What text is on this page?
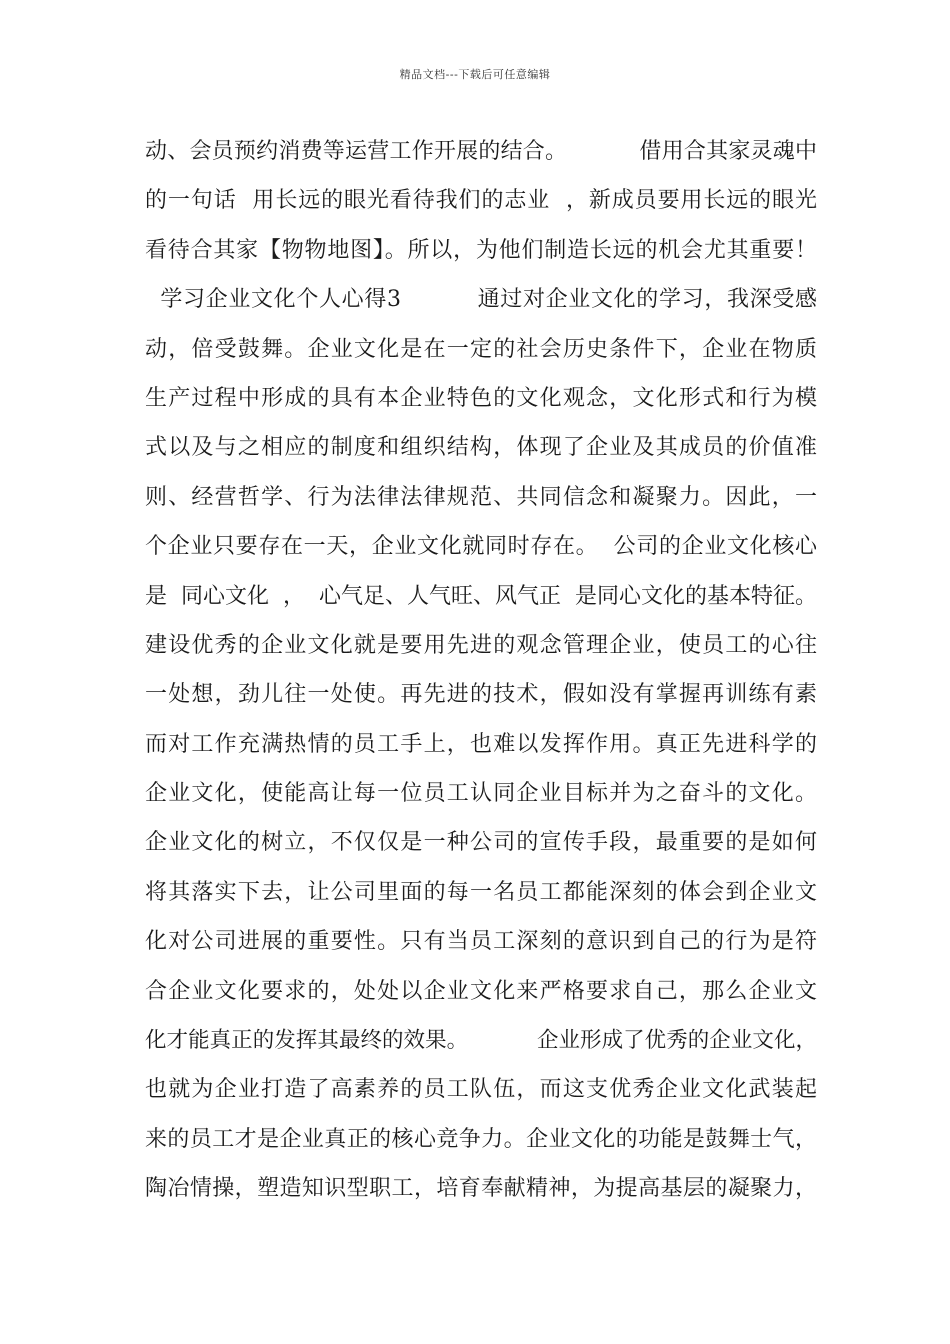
精品文档---下载后可任意编辑
动、会员预约消费等运营工作开展的结合。          借用合其家灵魂中
的一句话  用长远的眼光看待我们的志业  ，新成员要用长远的眼光
看待合其家【物物地图】。所以，为他们制造长远的机会尤其重要！
学习企业文化个人心得3          通过对企业文化的学习，我深受感
动，倍受鼓舞。企业文化是在一定的社会历史条件下，企业在物质
生产过程中形成的具有本企业特色的文化观念，文化形式和行为模
式以及与之相应的制度和组织结构，体现了企业及其成员的价值准
则、经营哲学、行为法律法律规范、共同信念和凝聚力。因此，一
个企业只要存在一天，企业文化就同时存在。  公司的企业文化核心
是  同心文化  ，  心气足、人气旺、风气正  是同心文化的基本特征。
建设优秀的企业文化就是要用先进的观念管理企业，使员工的心往
一处想，劲儿往一处使。再先进的技术，假如没有掌握再训练有素
而对工作充满热情的员工手上，也难以发挥作用。真正先进科学的
企业文化，使能高让每一位员工认同企业目标并为之奋斗的文化。
企业文化的树立，不仅仅是一种公司的宣传手段，最重要的是如何
将其落实下去，让公司里面的每一名员工都能深刻的体会到企业文
化对公司进展的重要性。只有当员工深刻的意识到自己的行为是符
合企业文化要求的，处处以企业文化来严格要求自己，那么企业文
化才能真正的发挥其最终的效果。          企业形成了优秀的企业文化，
也就为企业打造了高素养的员工队伍，而这支优秀企业文化武装起
来的员工才是企业真正的核心竞争力。企业文化的功能是鼓舞士气，
陶冶情操，塑造知识型职工，培育奉献精神，为提高基层的凝聚力，
